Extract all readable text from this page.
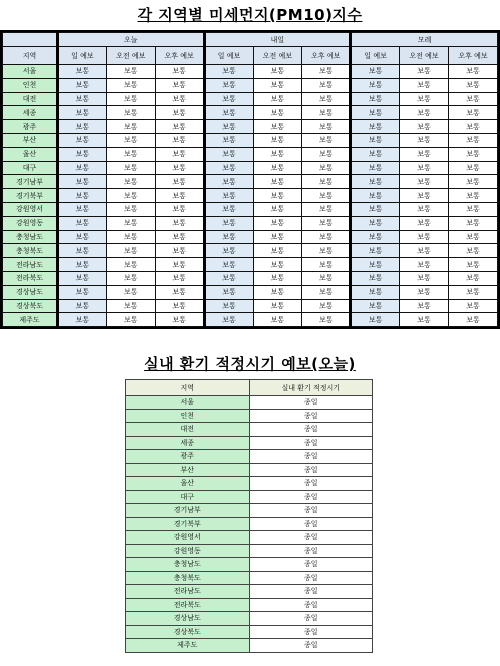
각 지역별 미세먼지(PM10)지수
	오늘			내일			모레		
지역	일 예보	오전 예보	오후 예보	일 예보	오전 예보	오후 예보	일 예보	오전 예보	오후 예보
서울	보통	보통	보통	보통	보통	보통	보통	보통	보통
인천	보통	보통	보통	보통	보통	보통	보통	보통	보통
대전	보통	보통	보통	보통	보통	보통	보통	보통	보통
세종	보통	보통	보통	보통	보통	보통	보통	보통	보통
광주	보통	보통	보통	보통	보통	보통	보통	보통	보통
부산	보통	보통	보통	보통	보통	보통	보통	보통	보통
울산	보통	보통	보통	보통	보통	보통	보통	보통	보통
대구	보통	보통	보통	보통	보통	보통	보통	보통	보통
경기남부	보통	보통	보통	보통	보통	보통	보통	보통	보통
경기북부	보통	보통	보통	보통	보통	보통	보통	보통	보통
강원영서	보통	보통	보통	보통	보통	보통	보통	보통	보통
강원영동	보통	보통	보통	보통	보통	보통	보통	보통	보통
충청남도	보통	보통	보통	보통	보통	보통	보통	보통	보통
충청북도	보통	보통	보통	보통	보통	보통	보통	보통	보통
전라남도	보통	보통	보통	보통	보통	보통	보통	보통	보통
전라북도	보통	보통	보통	보통	보통	보통	보통	보통	보통
경상남도	보통	보통	보통	보통	보통	보통	보통	보통	보통
경상북도	보통	보통	보통	보통	보통	보통	보통	보통	보통
제주도	보통	보통	보통	보통	보통	보통	보통	보통	보통
실내 환기 적정시기 예보(오늘)
지역	실내 환기 적정시기
서울	종일
인천	종일
대전	종일
세종	종일
광주	종일
부산	종일
울산	종일
대구	종일
경기남부	종일
경기북부	종일
강원영서	종일
강원영동	종일
충청남도	종일
충청북도	종일
전라남도	종일
전라북도	종일
경상남도	종일
경상북도	종일
제주도	종일
